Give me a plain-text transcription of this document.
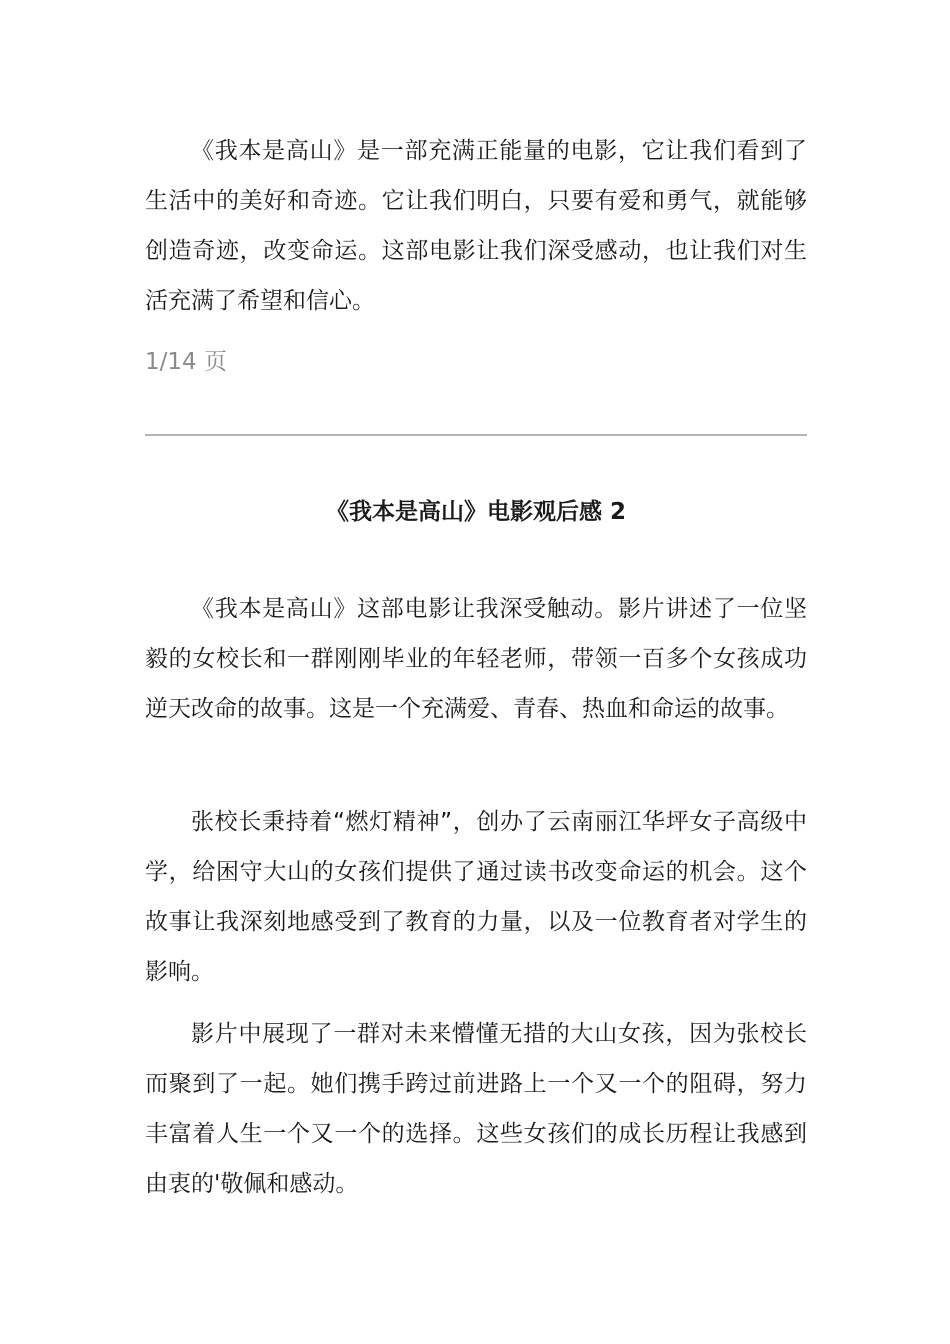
《我本是高山》是一部充满正能量的电影，它让我们看到了生活中的美好和奇迹。它让我们明白，只要有爱和勇气，就能够创造奇迹，改变命运。这部电影让我们深受感动，也让我们对生活充满了希望和信心。

1/14 页
《我本是高山》电影观后感 2

《我本是高山》这部电影让我深受触动。影片讲述了一位坚毅的女校长和一群刚刚毕业的年轻老师，带领一百多个女孩成功逆天改命的故事。这是一个充满爱、青春、热血和命运的故事。

张校长秉持着“燃灯精神”，创办了云南丽江华坪女子高级中学，给困守大山的女孩们提供了通过读书改变命运的机会。这个故事让我深刻地感受到了教育的力量，以及一位教育者对学生的影响。

影片中展现了一群对未来懵懂无措的大山女孩，因为张校长而聚到了一起。她们携手跨过前进路上一个又一个的阻碍，努力丰富着人生一个又一个的选择。这些女孩们的成长历程让我感到由衷的'敬佩和感动。
